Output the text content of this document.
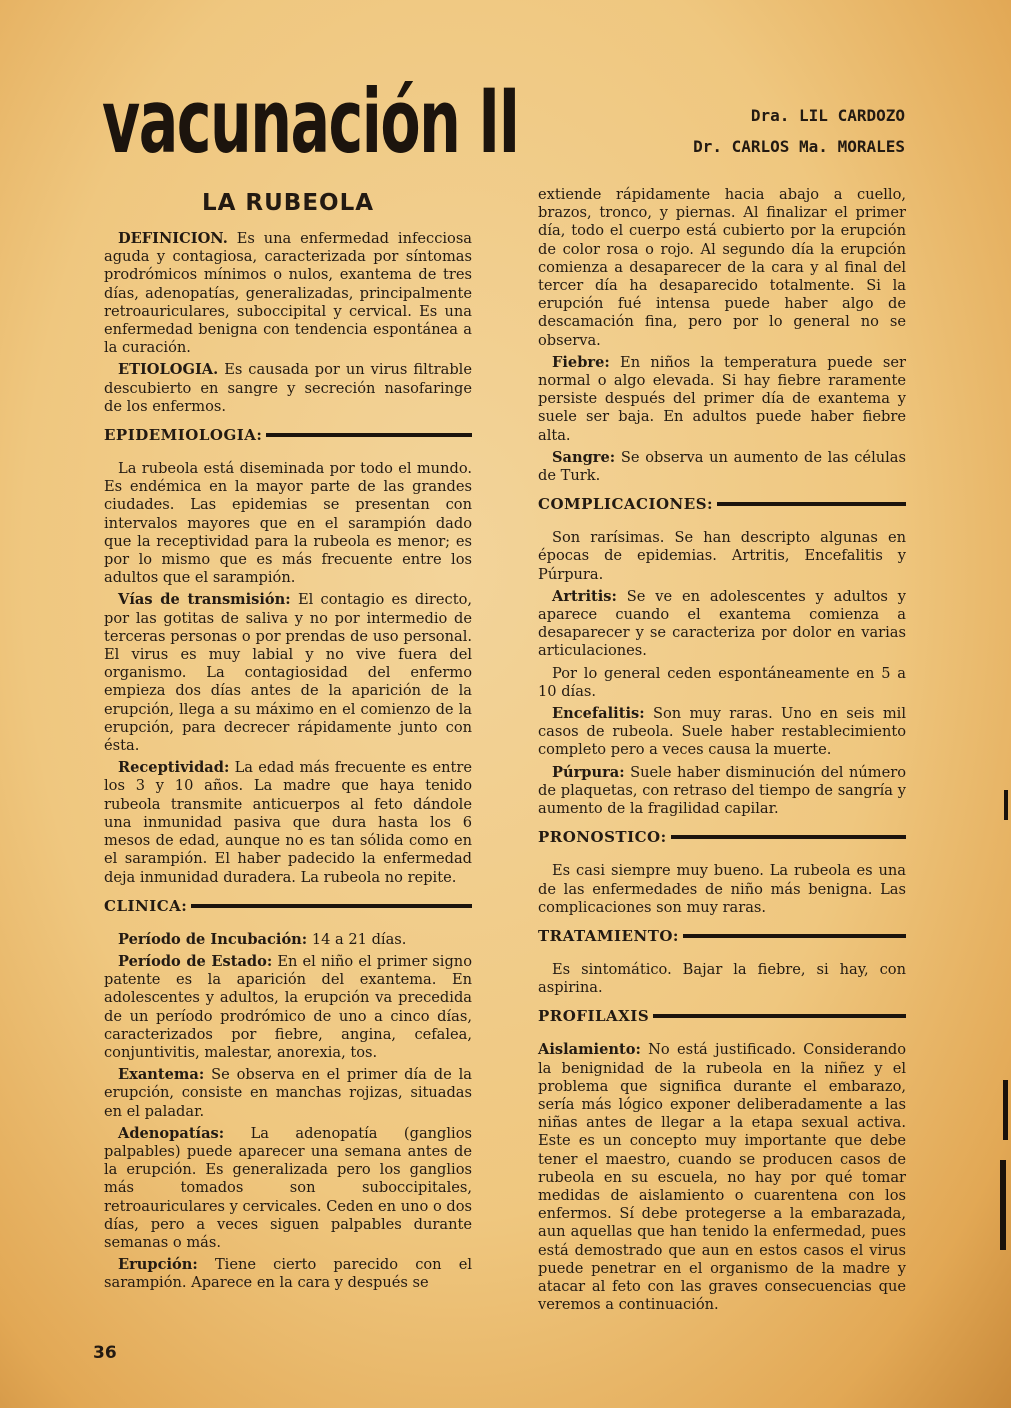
vacunación II	Dra. LIL CARDOZO
Dr. CARLOS Ma. MORALES
LA RUBEOLA

DEFINICION. Es una enfermedad infecciosa aguda y contagiosa, caracterizada por síntomas prodrómicos mínimos o nulos, exantema de tres días, adenopatías, generalizadas, principalmente retroauriculares, suboccipital y cervical. Es una enfermedad benigna con tendencia espontánea a la curación.

ETIOLOGIA. Es causada por un virus filtrable descubierto en sangre y secreción nasofaringe de los enfermos.

EPIDEMIOLOGIA:

La rubeola está diseminada por todo el mundo. Es endémica en la mayor parte de las grandes ciudades. Las epidemias se presentan con intervalos mayores que en el sarampión dado que la receptividad para la rubeola es menor; es por lo mismo que es más frecuente entre los adultos que el sarampión.

Vías de transmisión: El contagio es directo, por las gotitas de saliva y no por intermedio de terceras personas o por prendas de uso personal. El virus es muy labial y no vive fuera del organismo. La contagiosidad del enfermo empieza dos días antes de la aparición de la erupción, llega a su máximo en el comienzo de la erupción, para decrecer rápidamente junto con ésta.

Receptividad: La edad más frecuente es entre los 3 y 10 años. La madre que haya tenido rubeola transmite anticuerpos al feto dándole una inmunidad pasiva que dura hasta los 6 mesos de edad, aunque no es tan sólida como en el sarampión. El haber padecido la enfermedad deja inmunidad duradera. La rubeola no repite.

CLINICA:

Período de Incubación: 14 a 21 días.

Período de Estado: En el niño el primer signo patente es la aparición del exantema. En adolescentes y adultos, la erupción va precedida de un período prodrómico de uno a cinco días, caracterizados por fiebre, angina, cefalea, conjuntivitis, malestar, anorexia, tos.

Exantema: Se observa en el primer día de la erupción, consiste en manchas rojizas, situadas en el paladar.

Adenopatías: La adenopatía (ganglios palpables) puede aparecer una semana antes de la erupción. Es generalizada pero los ganglios más tomados son suboccipitales, retroauriculares y cervicales. Ceden en uno o dos días, pero a veces siguen palpables durante semanas o más.

Erupción: Tiene cierto parecido con el sarampión. Aparece en la cara y después se

extiende rápidamente hacia abajo a cuello, brazos, tronco, y piernas. Al finalizar el primer día, todo el cuerpo está cubierto por la erupción de color rosa o rojo. Al segundo día la erupción comienza a desaparecer de la cara y al final del tercer día ha desaparecido totalmente. Si la erupción fué intensa puede haber algo de descamación fina, pero por lo general no se observa.

Fiebre: En niños la temperatura puede ser normal o algo elevada. Si hay fiebre raramente persiste después del primer día de exantema y suele ser baja. En adultos puede haber fiebre alta.

Sangre: Se observa un aumento de las células de Turk.

COMPLICACIONES:

Son rarísimas. Se han descripto algunas en épocas de epidemias. Artritis, Encefalitis y Púrpura.

Artritis: Se ve en adolescentes y adultos y aparece cuando el exantema comienza a desaparecer y se caracteriza por dolor en varias articulaciones.

Por lo general ceden espontáneamente en 5 a 10 días.

Encefalitis: Son muy raras. Uno en seis mil casos de rubeola. Suele haber restablecimiento completo pero a veces causa la muerte.

Púrpura: Suele haber disminución del número de plaquetas, con retraso del tiempo de sangría y aumento de la fragilidad capilar.

PRONOSTICO:

Es casi siempre muy bueno. La rubeola es una de las enfermedades de niño más benigna. Las complicaciones son muy raras.

TRATAMIENTO:

Es sintomático. Bajar la fiebre, si hay, con aspirina.

PROFILAXIS

Aislamiento: No está justificado. Considerando la benignidad de la rubeola en la niñez y el problema que significa durante el embarazo, sería más lógico exponer deliberadamente a las niñas antes de llegar a la etapa sexual activa. Este es un concepto muy importante que debe tener el maestro, cuando se producen casos de rubeola en su escuela, no hay por qué tomar medidas de aislamiento o cuarentena con los enfermos. Sí debe protegerse a la embarazada, aun aquellas que han tenido la enfermedad, pues está demostrado que aun en estos casos el virus puede penetrar en el organismo de la madre y atacar al feto con las graves consecuencias que veremos a continuación.

36
